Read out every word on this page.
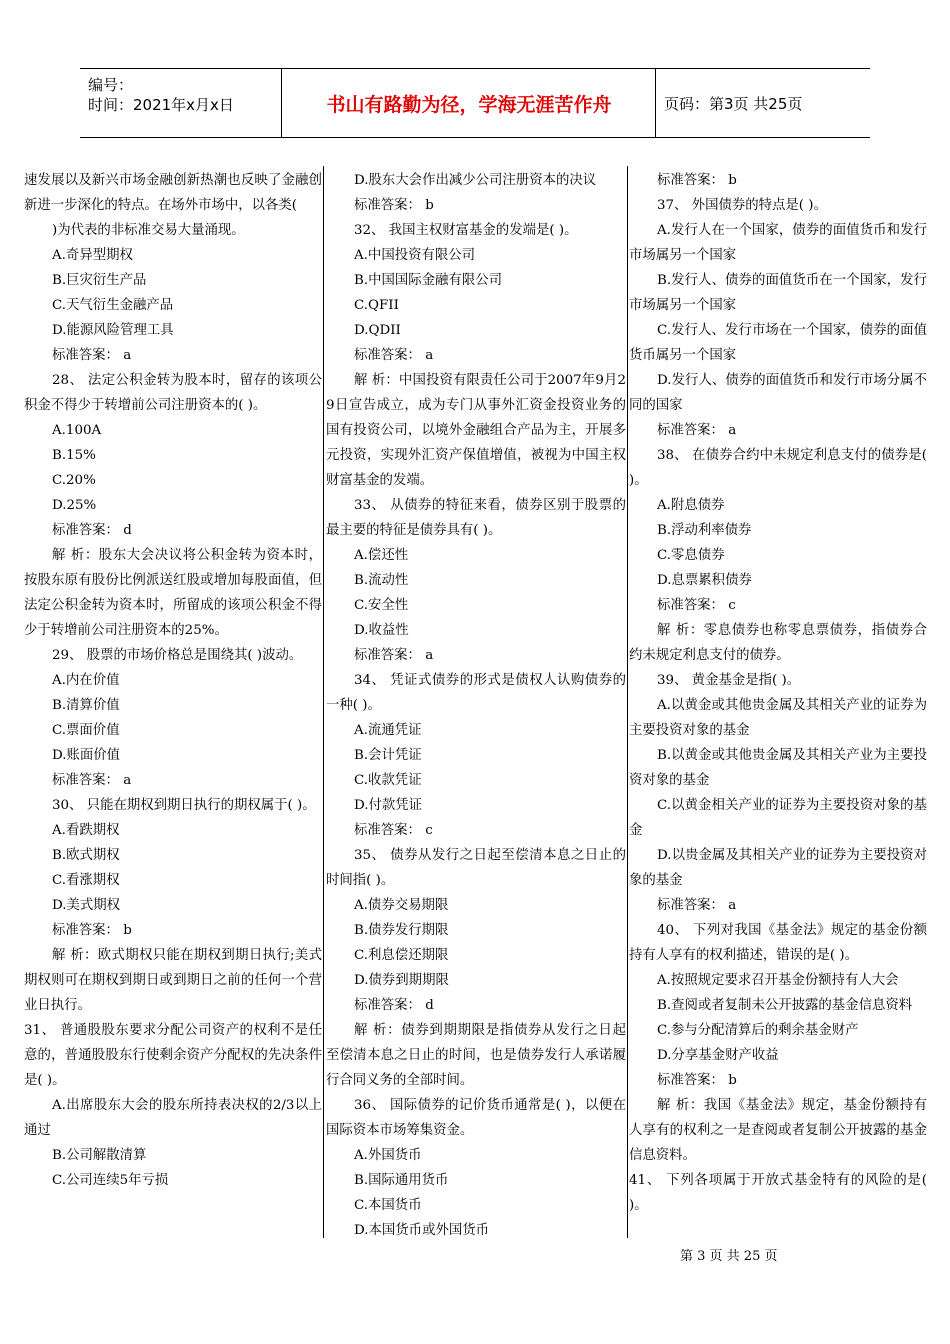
编号：
时间：2021年x月x日	书山有路勤为径，学海无涯苦作舟	页码：第3页 共25页

速发展以及新兴市场金融创新热潮也反映了金融创新进一步深化的特点。在场外市场中，以各类(

)为代表的非标准交易大量涌现。

A.奇异型期权

B.巨灾衍生产品

C.天气衍生金融产品

D.能源风险管理工具

标准答案： a

28、 法定公积金转为股本时，留存的该项公积金不得少于转增前公司注册资本的( )。

A.100A

B.15%

C.20%

D.25%

标准答案： d

解 析：股东大会决议将公积金转为资本时，按股东原有股份比例派送红股或增加每股面值，但法定公积金转为资本时，所留成的该项公积金不得少于转增前公司注册资本的25%。

29、 股票的市场价格总是围绕其( )波动。

A.内在价值

B.清算价值

C.票面价值

D.账面价值

标准答案： a

30、 只能在期权到期日执行的期权属于( )。

A.看跌期权

B.欧式期权

C.看涨期权

D.美式期权

标准答案： b

解 析：欧式期权只能在期权到期日执行;美式期权则可在期权到期日或到期日之前的任何一个营业日执行。

31、 普通股股东要求分配公司资产的权利不是任意的，普通股股东行使剩余资产分配权的先决条件是( )。

A.出席股东大会的股东所持表决权的2/3以上通过

B.公司解散清算

C.公司连续5年亏损

D.股东大会作出减少公司注册资本的决议

标准答案： b

32、 我国主权财富基金的发端是( )。

A.中国投资有限公司

B.中国国际金融有限公司

C.QFII

D.QDII

标准答案： a

解 析：中国投资有限责任公司于2007年9月29日宣告成立，成为专门从事外汇资金投资业务的国有投资公司，以境外金融组合产品为主，开展多元投资，实现外汇资产保值增值，被视为中国主权财富基金的发端。

33、 从债券的特征来看，债券区别于股票的最主要的特征是债券具有( )。

A.偿还性

B.流动性

C.安全性

D.收益性

标准答案： a

34、 凭证式债券的形式是债权人认购债券的一种( )。

A.流通凭证

B.会计凭证

C.收款凭证

D.付款凭证

标准答案： c

35、 债券从发行之日起至偿清本息之日止的时间指( )。

A.债券交易期限

B.债券发行期限

C.利息偿还期限

D.债券到期期限

标准答案： d

解 析：债券到期期限是指债券从发行之日起至偿清本息之日止的时间，也是债券发行人承诺履行合同义务的全部时间。

36、 国际债券的记价货币通常是( )，以便在国际资本市场筹集资金。

A.外国货币

B.国际通用货币

C.本国货币

D.本国货币或外国货币

标准答案： b

37、 外国债券的特点是( )。

A.发行人在一个国家，债券的面值货币和发行市场属另一个国家

B.发行人、债券的面值货币在一个国家，发行市场属另一个国家

C.发行人、发行市场在一个国家，债券的面值货币属另一个国家

D.发行人、债券的面值货币和发行市场分属不同的国家

标准答案： a

38、 在债券合约中未规定利息支付的债券是( )。

A.附息债券

B.浮动利率债券

C.零息债券

D.息票累积债券

标准答案： c

解 析：零息债券也称零息票债券，指债券合约未规定利息支付的债券。

39、 黄金基金是指( )。

A.以黄金或其他贵金属及其相关产业的证券为主要投资对象的基金

B.以黄金或其他贵金属及其相关产业为主要投资对象的基金

C.以黄金相关产业的证券为主要投资对象的基金

D.以贵金属及其相关产业的证券为主要投资对象的基金

标准答案： a

40、 下列对我国《基金法》规定的基金份额持有人享有的权利描述，错误的是( )。

A.按照规定要求召开基金份额持有人大会

B.查阅或者复制未公开披露的基金信息资料

C.参与分配清算后的剩余基金财产

D.分享基金财产收益

标准答案： b

解 析：我国《基金法》规定，基金份额持有人享有的权利之一是查阅或者复制公开披露的基金信息资料。

41、 下列各项属于开放式基金特有的风险的是( )。

第 3 页 共 25 页
